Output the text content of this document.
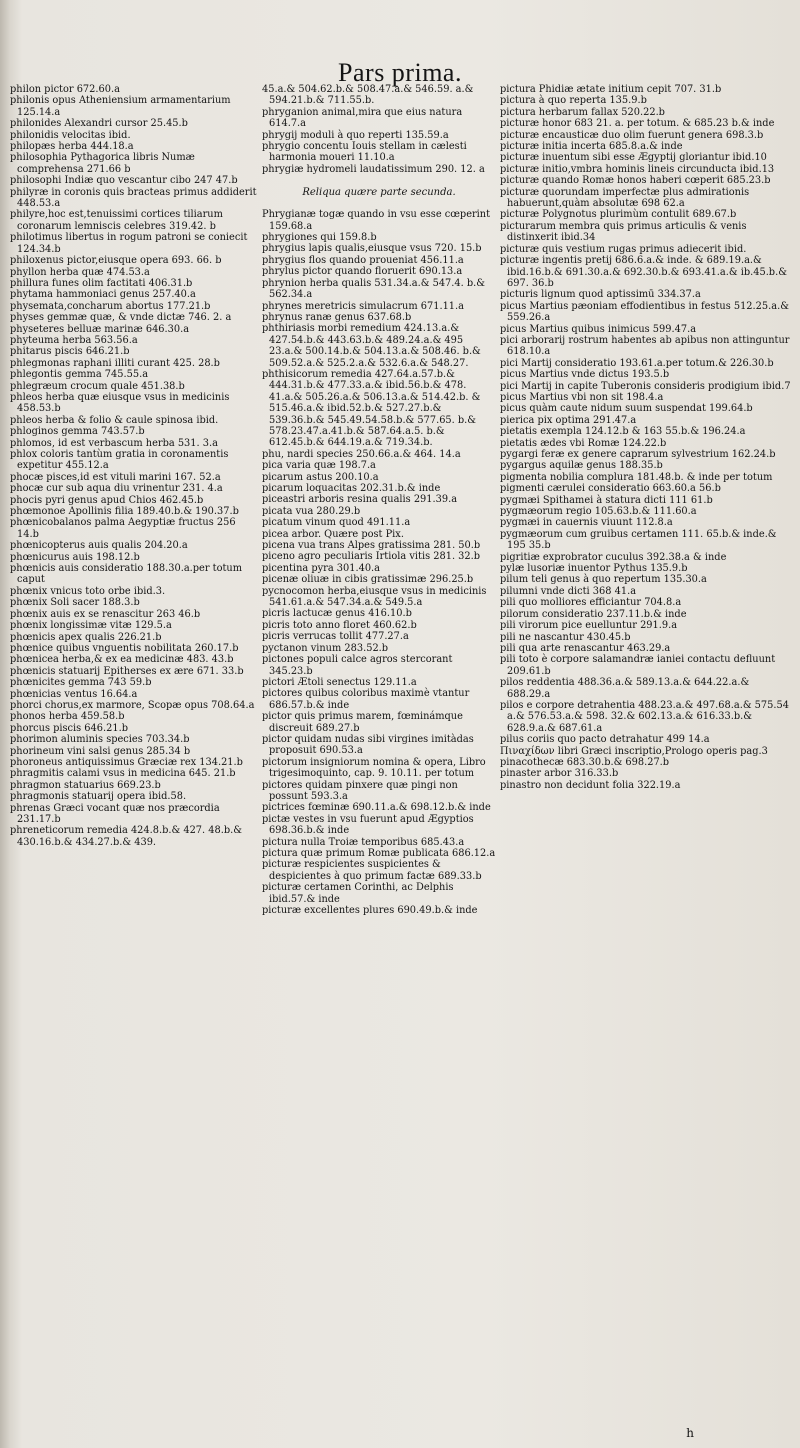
Pars prima.
philon pictor 672.60.a
philonis opus Atheniensium armamentarium 125.14.a
philonides Alexandri cursor 25.45.b
philonidis velocitas ibid.
philopæs herba 444.18.a
philosophia Pythagorica libris Numæ comprehensa 271.66 b
philosophi Indiæ quo vescantur cibo 247 47.b
philyræ in coronis quis bracteas primus addiderit 448.53.a
philyre,hoc est,tenuissimi cortices tiliarum coronarum lemniscis celebres 319.42. b
philotimus libertus in rogum patroni se coniecit 124.34.b
philoxenus pictor,eiusque opera 693. 66. b
phyllon herba quæ 474.53.a
phillura funes olim factitati 406.31.b
phytama hammoniaci genus 257.40.a
physemata,concharum abortus 177.21.b
physes gemmæ quæ, & vnde dictæ 746. 2. a
physeteres belluæ marinæ 646.30.a
phyteuma herba 563.56.a
phitarus piscis 646.21.b
phlegmonas raphani illiti curant 425. 28.b
phlegontis gemma 745.55.a
phlegræum crocum quale 451.38.b
phleos herba quæ eiusque vsus in medicinis 458.53.b
phleos herba & folio & caule spinosa ibid.
phloginos gemma 743.57.b
phlomos, id est verbascum herba 531. 3.a
phlox coloris tantùm gratia in coronamentis expetitur 455.12.a
phocæ pisces,id est vituli marini 167. 52.a
phocæ cur sub aqua diu vrinentur 231. 4.a
phocis pyri genus apud Chios 462.45.b
phœmonoe Apollinis filia 189.40.b.& 190.37.b
phœnicobalanos palma Aegyptiæ fructus 256 14.b
phœnicopterus auis qualis 204.20.a
phœnicurus auis 198.12.b
phœnicis auis consideratio 188.30.a.per totum caput
phœnix vnicus toto orbe ibid.3.
phœnix Soli sacer 188.3.b
phœnix auis ex se renascitur 263 46.b
phœnix longissimæ vitæ 129.5.a
phœnicis apex qualis 226.21.b
phœnice quibus vnguentis nobilitata 260.17.b
phœnicea herba,& ex ea medicinæ 483. 43.b
phœnicis statuarij Epitherses ex ære 671. 33.b
phœnicites gemma 743 59.b
phœnicias ventus 16.64.a
phorci chorus,ex marmore, Scopæ opus 708.64.a
phonos herba 459.58.b
phorcus piscis 646.21.b
phorimon aluminis species 703.34.b
phorineum vini salsi genus 285.34 b
phoroneus antiquissimus Græciæ rex 134.21.b
phragmitis calami vsus in medicina 645. 21.b
phragmon statuarius 669.23.b
phragmonis statuarij opera ibid.58.
phrenas Græci vocant quæ nos præcordia 231.17.b
phreneticorum remedia 424.8.b.& 427. 48.b.& 430.16.b.& 434.27.b.& 439.
45.a.& 504.62.b.& 508.47.a.& 546.59. a.& 594.21.b.& 711.55.b.
phryganion animal,mira que eius natura 614.7.a
phrygij moduli à quo reperti 135.59.a
phrygio concentu Iouis stellam in cælesti harmonia moueri 11.10.a
phrygiæ hydromeli laudatissimum 290. 12. a
Reliqua quære parte secunda.
Phrygianæ togæ quando in vsu esse cœperint 159.68.a
phrygiones qui 159.8.b
phrygius lapis qualis,eiusque vsus 720. 15.b
phrygius flos quando proueniat 456.11.a
phrylus pictor quando floruerit 690.13.a
phrynion herba qualis 531.34.a.& 547.4. b.& 562.34.a
phrynes meretricis simulacrum 671.11.a
phrynus ranæ genus 637.68.b
phthiriasis morbi remedium 424.13.a.& 427.54.b.& 443.63.b.& 489.24.a.& 495 23.a.& 500.14.b.& 504.13.a.& 508.46. b.& 509.52.a.& 525.2.a.& 532.6.a.& 548.27.
phthisicorum remedia 427.64.a.57.b.& 444.31.b.& 477.33.a.& ibid.56.b.& 478. 41.a.& 505.26.a.& 506.13.a.& 514.42.b. & 515.46.a.& ibid.52.b.& 527.27.b.& 539.36.b.& 545.49.54.58.b.& 577.65. b.& 578.23.47.a.41.b.& 587.64.a.5. b.& 612.45.b.& 644.19.a.& 719.34.b.
phu, nardi species 250.66.a.& 464. 14.a
pica varia quæ 198.7.a
picarum astus 200.10.a
picarum loquacitas 202.31.b.& inde
piceastri arboris resina qualis 291.39.a
picata vua 280.29.b
picatum vinum quod 491.11.a
picea arbor. Quære post Pix.
picena vua trans Alpes gratissima 281. 50.b
piceno agro peculiaris Irtiola vitis 281. 32.b
picentina pyra 301.40.a
picenæ oliuæ in cibis gratissimæ 296.25.b
pycnocomon herba,eiusque vsus in medicinis 541.61.a.& 547.34.a.& 549.5.a
picris lactucæ genus 416.10.b
picris toto anno floret 460.62.b
picris verrucas tollit 477.27.a
pyctanon vinum 283.52.b
pictones populi calce agros stercorant 345.23.b
pictori Ætoli senectus 129.11.a
pictores quibus coloribus maximè vtantur 686.57.b.& inde
pictor quis primus marem, fœminámque discreuit 689.27.b
pictor quidam nudas sibi virgines imitàdas proposuit 690.53.a
pictorum insigniorum nomina & opera, Libro trigesimoquinto, cap. 9. 10.11. per totum
pictores quidam pinxere quæ pingi non possunt 593.3.a
pictrices fœminæ 690.11.a.& 698.12.b.& inde
pictæ vestes in vsu fuerunt apud Ægyptios 698.36.b.& inde
pictura nulla Troiæ temporibus 685.43.a
pictura quæ primum Romæ publicata 686.12.a
picturæ respicientes suspicientes & despicientes à quo primum factæ 689.33.b
picturæ certamen Corinthi, ac Delphis ibid.57.& inde
picturæ excellentes plures 690.49.b.& inde
pictura Phidiæ ætate initium cepit 707. 31.b
pictura à quo reperta 135.9.b
pictura herbarum fallax 520.22.b
picturæ honor 683 21. a. per totum. & 685.23 b.& inde
picturæ encausticæ duo olim fuerunt genera 698.3.b
picturæ initia incerta 685.8.a.& inde
picturæ inuentum sibi esse Ægyptij gloriantur ibid.10
picturæ initio,vmbra hominis lineis circunducta ibid.13
picturæ quando Romæ honos haberi cœperit 685.23.b
picturæ quorundam imperfectæ plus admirationis habuerunt,quàm absolutæ 698 62.a
picturæ Polygnotus plurimùm contulit 689.67.b
picturarum membra quis primus articulis & venis distinxerit ibid.34
picturæ quis vestium rugas primus adiecerit ibid.
picturæ ingentis pretij 686.6.a.& inde. & 689.19.a.& ibid.16.b.& 691.30.a.& 692.30.b.& 693.41.a.& ib.45.b.& 697. 36.b
picturis lignum quod aptissimū 334.37.a
picus Martius pæoniam effodientibus in festus 512.25.a.& 559.26.a
picus Martius quibus inimicus 599.47.a
pici arborarij rostrum habentes ab apibus non attinguntur 618.10.a
pici Martij consideratio 193.61.a.per totum.& 226.30.b
picus Martius vnde dictus 193.5.b
pici Martij in capite Tuberonis consideris prodigium ibid.7
picus Martius vbi non sit 198.4.a
picus quàm caute nidum suum suspendat 199.64.b
pierica pix optima 291.47.a
pietatis exempla 124.12.b & 163 55.b.& 196.24.a
pietatis ædes vbi Romæ 124.22.b
pygargi feræ ex genere caprarum sylvestrium 162.24.b
pygargus aquilæ genus 188.35.b
pigmenta nobilia complura 181.48.b. & inde per totum
pigmenti cærulei consideratio 663.60.a 56.b
pygmæi Spithamei à statura dicti 111 61.b
pygmæorum regio 105.63.b.& 111.60.a
pygmæi in cauernis viuunt 112.8.a
pygmæorum cum gruibus certamen 111. 65.b.& inde.& 195 35.b
pigritiæ exprobrator cuculus 392.38.a & inde
pylæ lusoriæ inuentor Pythus 135.9.b
pilum teli genus à quo repertum 135.30.a
pilumni vnde dicti 368 41.a
pili quo molliores efficiantur 704.8.a
pilorum consideratio 237.11.b.& inde
pili virorum pice euelluntur 291.9.a
pili ne nascantur 430.45.b
pili qua arte renascantur 463.29.a
pili toto è corpore salamandræ ianiei contactu defluunt 209.61.b
pilos reddentia 488.36.a.& 589.13.a.& 644.22.a.& 688.29.a
pilos e corpore detrahentia 488.23.a.& 497.68.a.& 575.54 a.& 576.53.a.& 598. 32.& 602.13.a.& 616.33.b.& 628.9.a.& 687.61.a
pilus coriis quo pacto detrahatur 499 14.a
Πιναχίδων libri Græci inscriptio,Prologo operis pag.3
pinacothecæ 683.30.b.& 698.27.b
pinaster arbor 316.33.b
pinastro non decidunt folia 322.19.a
h
